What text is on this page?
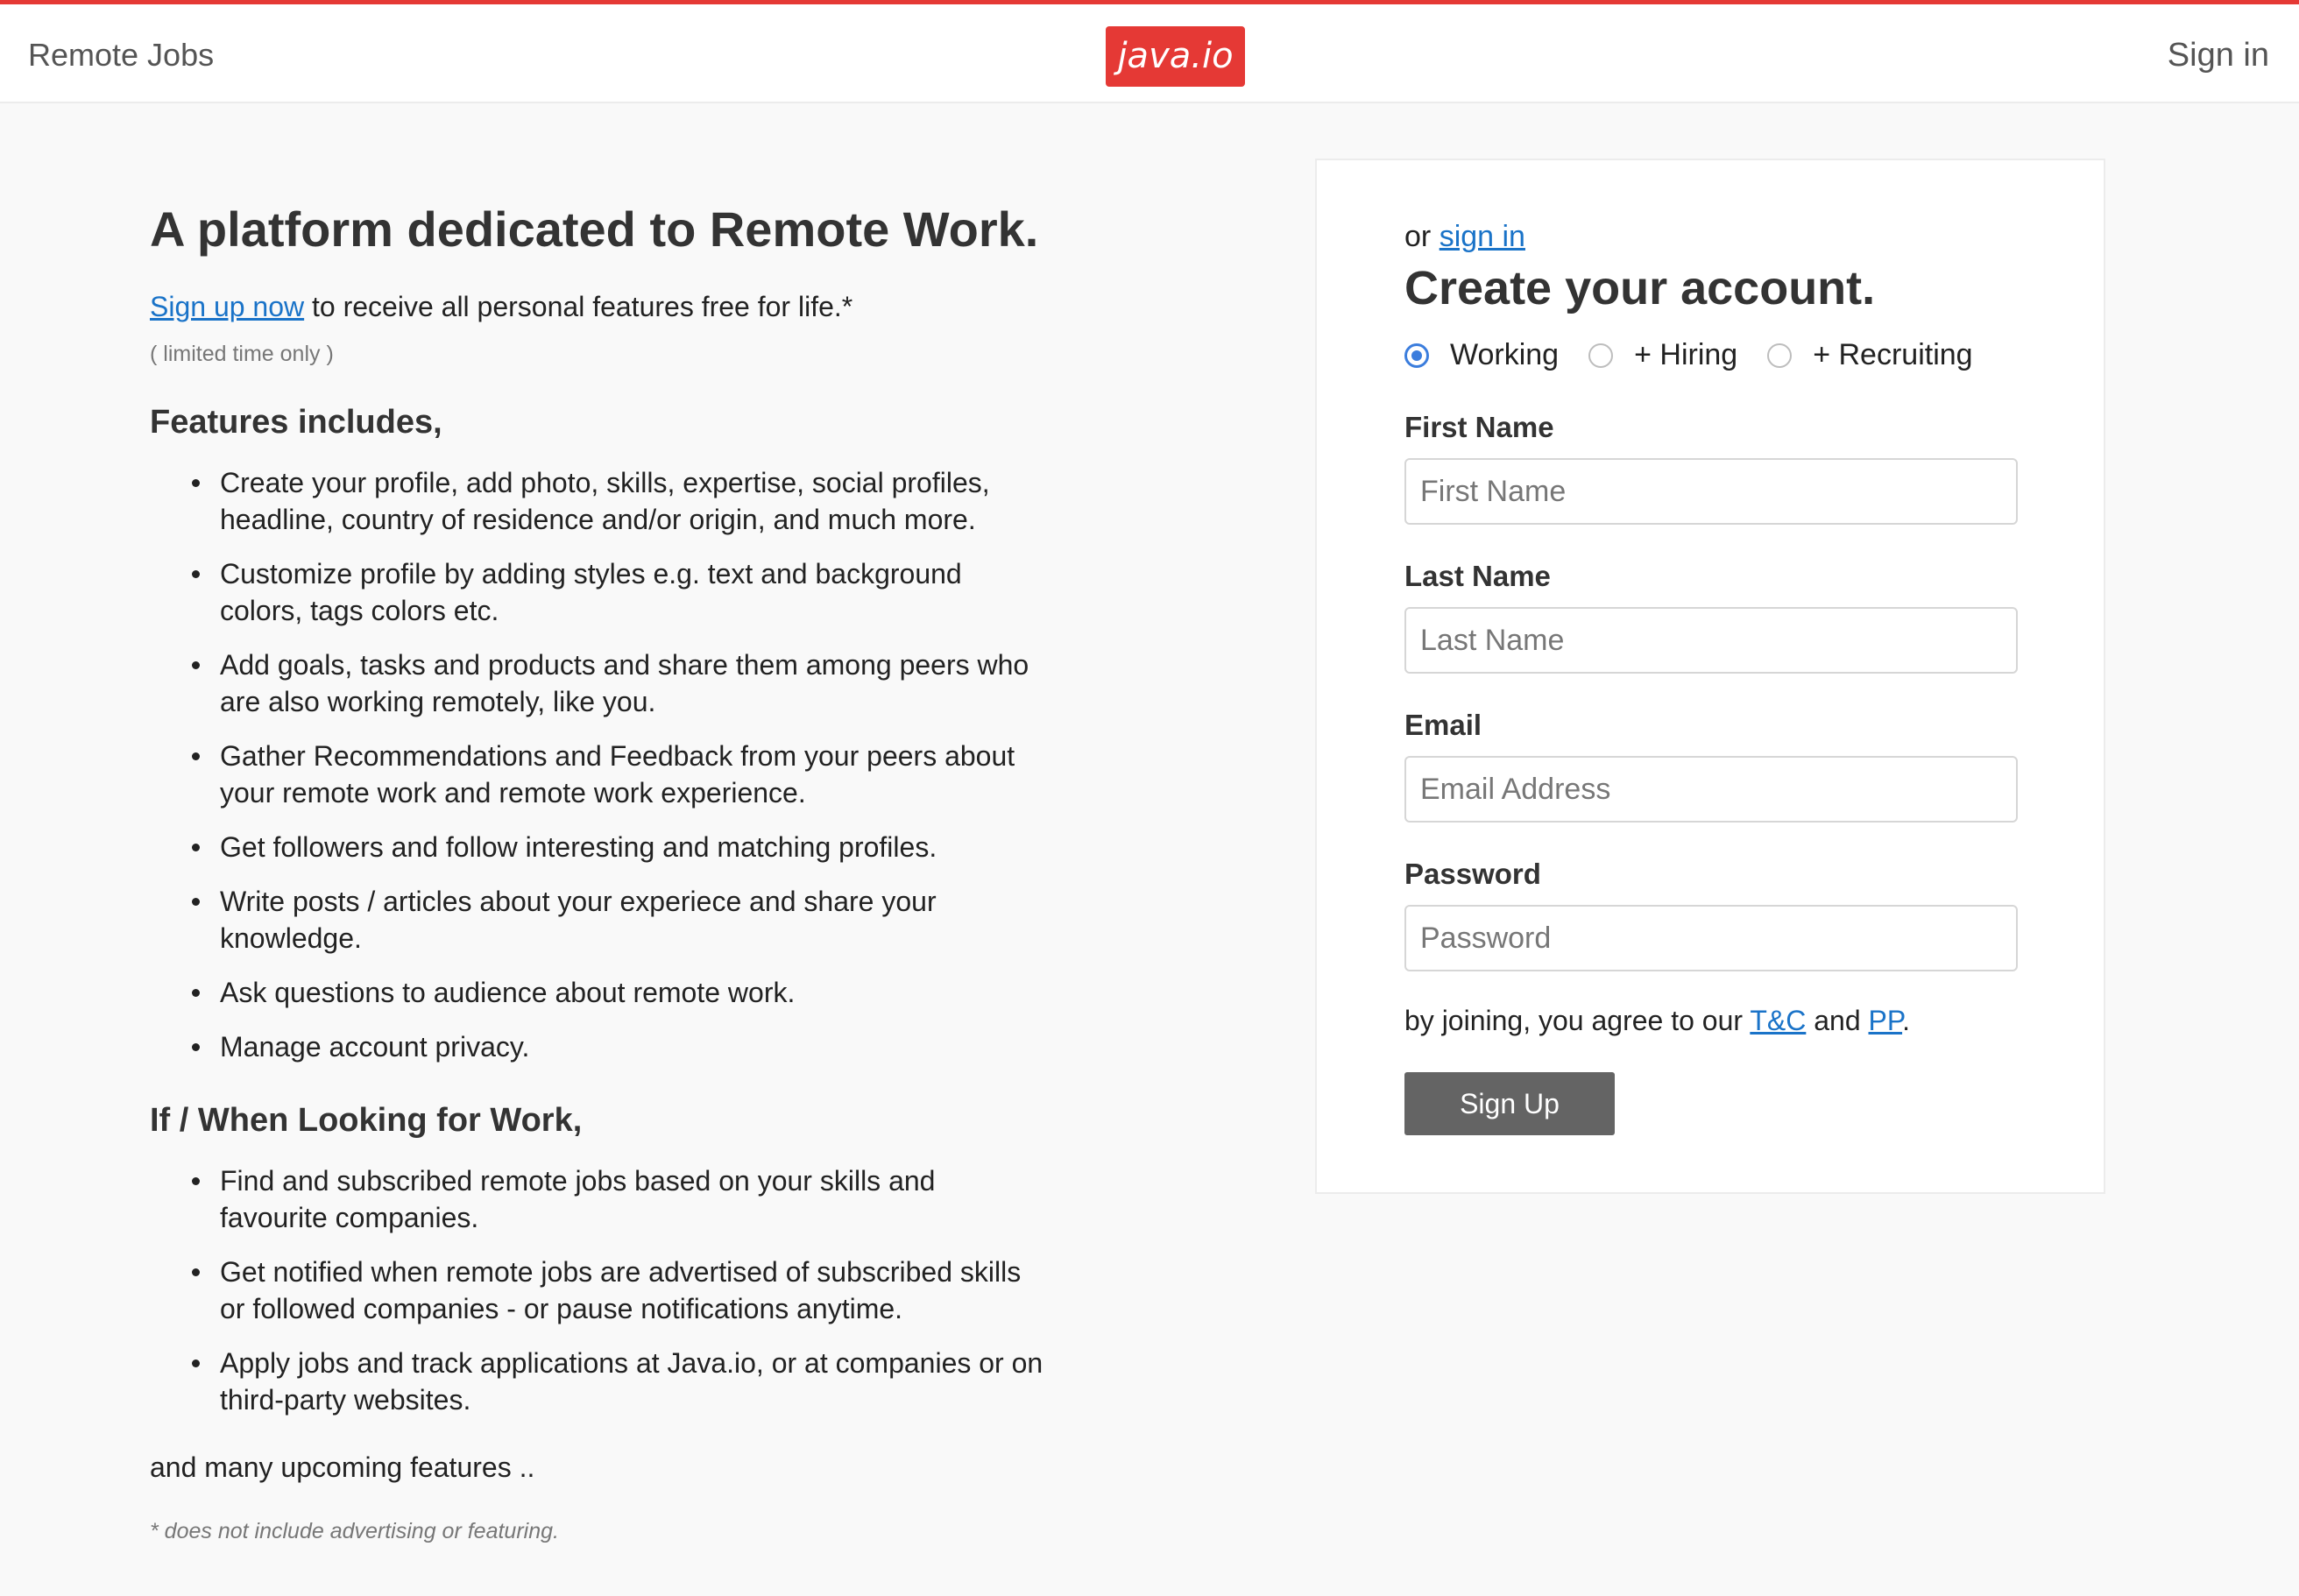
Remote Jobs	java.io	Sign in
A platform dedicated to Remote Work.
Sign up now to receive all personal features free for life.*
( limited time only )
Features includes,
Create your profile, add photo, skills, expertise, social profiles, headline, country of residence and/or origin, and much more.
Customize profile by adding styles e.g. text and background colors, tags colors etc.
Add goals, tasks and products and share them among peers who are also working remotely, like you.
Gather Recommendations and Feedback from your peers about your remote work and remote work experience.
Get followers and follow interesting and matching profiles.
Write posts / articles about your experiece and share your knowledge.
Ask questions to audience about remote work.
Manage account privacy.
If / When Looking for Work,
Find and subscribed remote jobs based on your skills and favourite companies.
Get notified when remote jobs are advertised of subscribed skills or followed companies - or pause notifications anytime.
Apply jobs and track applications at Java.io, or at companies or on third-party websites.
and many upcoming features ..
* does not include advertising or featuring.
or sign in
Create your account.
Working	+ Hiring	+ Recruiting
First Name
First Name
Last Name
Last Name
Email
Email Address
Password
by joining, you agree to our T&C and PP.
Sign Up
